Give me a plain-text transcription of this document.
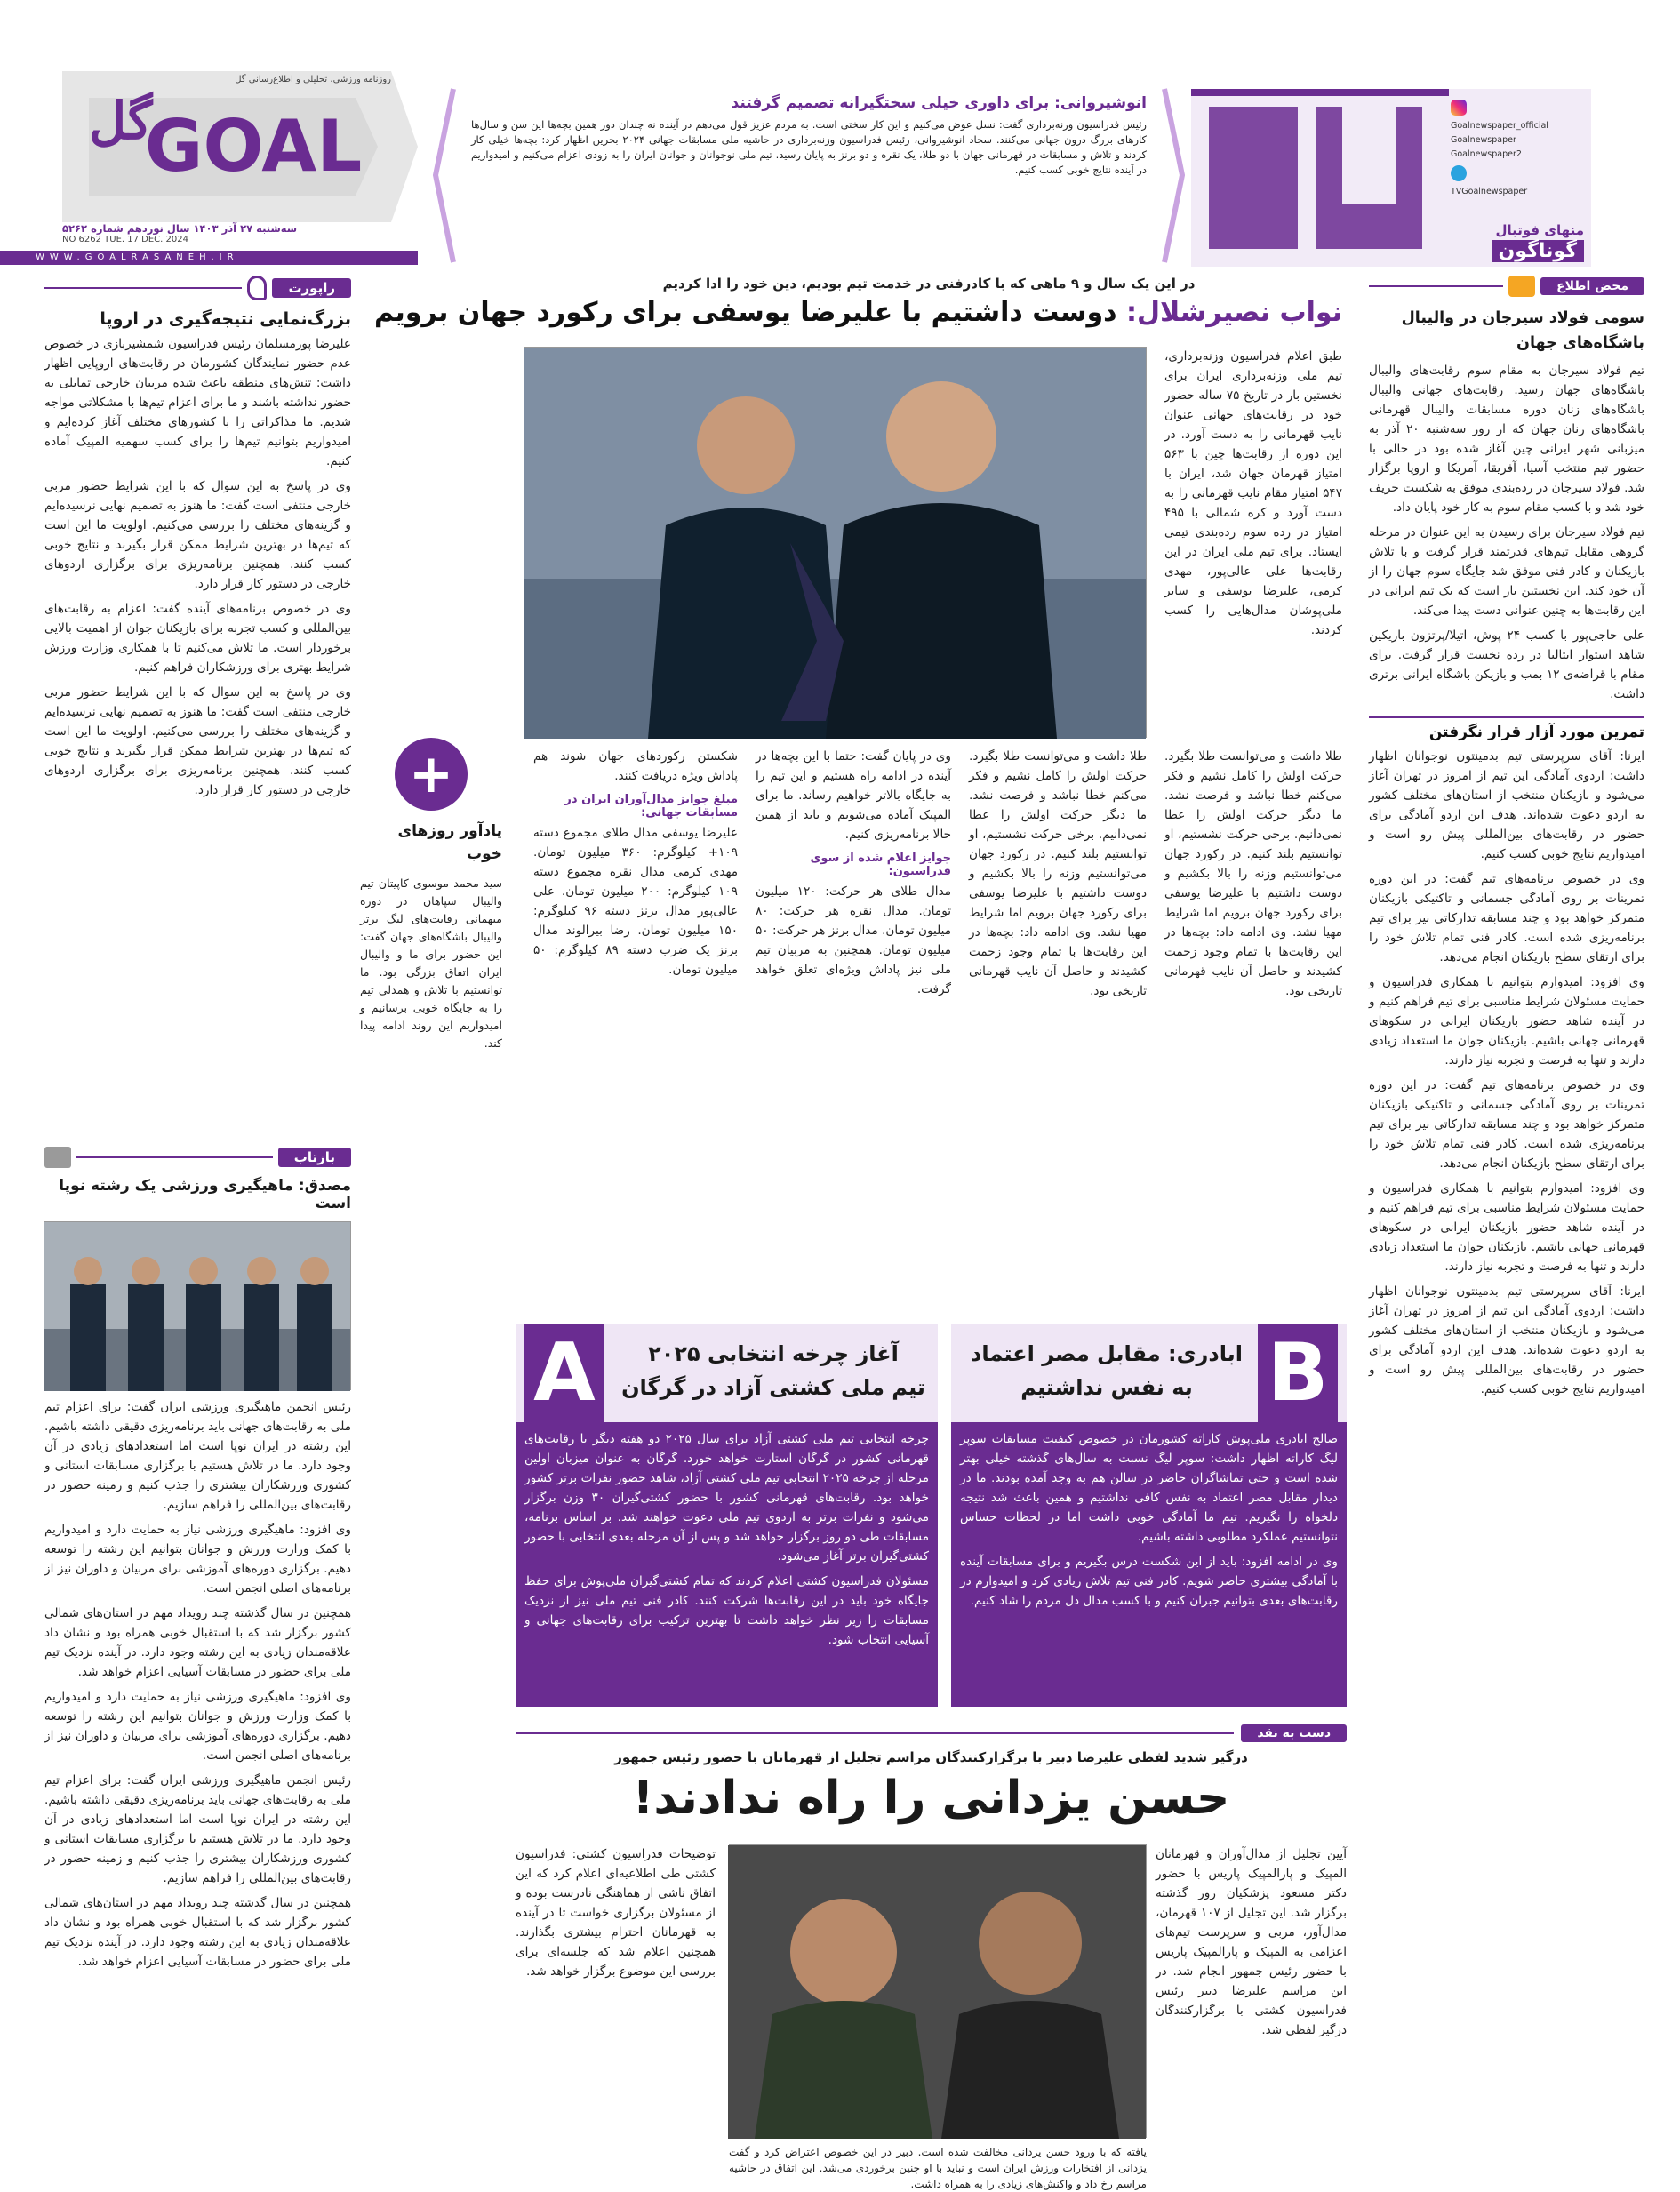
GOAL
گل
روزنامه ورزشی، تحلیلی و اطلاع‌رسانی گل
سه‌شنبه ۲۷ آذر ۱۴۰۳ سال نوزدهم شماره ۵۲۶۲
NO 6262 TUE. 17 DEC. 2024
WWW.GOALRASANEH.IR
انوشیروانی: برای داوری خیلی سختگیرانه تصمیم گرفتند
رئیس فدراسیون وزنه‌برداری گفت: نسل عوض می‌کنیم و این کار سختی است. به مردم عزیز قول می‌دهم در آینده نه چندان دور همین بچه‌ها این سن و سال‌ها کارهای بزرگ درون جهانی می‌کنند. سجاد انوشیروانی، رئیس فدراسیون وزنه‌برداری در حاشیه ملی مسابقات جهانی ۲۰۲۴ بحرین اظهار کرد: بچه‌ها خیلی کار کردند و تلاش و مسابقات در قهرمانی جهان با دو طلا، یک نقره و دو برنز به پایان رسید. تیم ملی نوجوانان و جوانان ایران را به زودی اعزام می‌کنیم و امیدواریم در آینده نتایج خوبی کسب کنیم.
Goalnewspaper_official
Goalnewspaper
Goalnewspaper2
TVGoalnewspaper
منهای فوتبال
گوناگون
محض اطلاع
سومی فولاد سیرجان در والیبال باشگاه‌های جهان

تیم فولاد سیرجان به مقام سوم رقابت‌های والیبال باشگاه‌های جهان رسید. رقابت‌های جهانی والیبال باشگاه‌های زنان دوره مسابقات والیبال قهرمانی باشگاه‌های زنان جهان که از روز سه‌شنبه ۲۰ آذر به میزبانی شهر ایرانی چین آغاز شده بود در حالی با حضور تیم منتخب آسیا، آفریقا، آمریکا و اروپا برگزار شد. فولاد سیرجان در رده‌بندی موفق به شکست حریف خود شد و با کسب مقام سوم به کار خود پایان داد.

تیم فولاد سیرجان برای رسیدن به این عنوان در مرحله گروهی مقابل تیم‌های قدرتمند قرار گرفت و با تلاش بازیکنان و کادر فنی موفق شد جایگاه سوم جهان را از آن خود کند. این نخستین بار است که یک تیم ایرانی در این رقابت‌ها به چنین عنوانی دست پیدا می‌کند.

علی حاجی‌پور با کسب ۲۴ پوش، اتیلا/پرتزون باریکین شاهد استوار ایتالیا در رده نخست قرار گرفت. برای مقام با قراضه‌ی ۱۲ بمب و بازیکن باشگاه ایرانی برتری داشت.

تمرین مورد آزار قرار نگرفتن

ایرنا: آقای سرپرستی تیم بدمینتون نوجوانان اظهار داشت: اردوی آمادگی این تیم از امروز در تهران آغاز می‌شود و بازیکنان منتخب از استان‌های مختلف کشور به اردو دعوت شده‌اند. هدف این اردو آمادگی برای حضور در رقابت‌های بین‌المللی پیش رو است و امیدواریم نتایج خوبی کسب کنیم.

وی در خصوص برنامه‌های تیم گفت: در این دوره تمرینات بر روی آمادگی جسمانی و تاکتیکی بازیکنان متمرکز خواهد بود و چند مسابقه تدارکاتی نیز برای تیم برنامه‌ریزی شده است. کادر فنی تمام تلاش خود را برای ارتقای سطح بازیکنان انجام می‌دهد.

وی افزود: امیدوارم بتوانیم با همکاری فدراسیون و حمایت مسئولان شرایط مناسبی برای تیم فراهم کنیم و در آینده شاهد حضور بازیکنان ایرانی در سکوهای قهرمانی جهانی باشیم. بازیکنان جوان ما استعداد زیادی دارند و تنها به فرصت و تجربه نیاز دارند.

وی در خصوص برنامه‌های تیم گفت: در این دوره تمرینات بر روی آمادگی جسمانی و تاکتیکی بازیکنان متمرکز خواهد بود و چند مسابقه تدارکاتی نیز برای تیم برنامه‌ریزی شده است. کادر فنی تمام تلاش خود را برای ارتقای سطح بازیکنان انجام می‌دهد.

وی افزود: امیدوارم بتوانیم با همکاری فدراسیون و حمایت مسئولان شرایط مناسبی برای تیم فراهم کنیم و در آینده شاهد حضور بازیکنان ایرانی در سکوهای قهرمانی جهانی باشیم. بازیکنان جوان ما استعداد زیادی دارند و تنها به فرصت و تجربه نیاز دارند.

ایرنا: آقای سرپرستی تیم بدمینتون نوجوانان اظهار داشت: اردوی آمادگی این تیم از امروز در تهران آغاز می‌شود و بازیکنان منتخب از استان‌های مختلف کشور به اردو دعوت شده‌اند. هدف این اردو آمادگی برای حضور در رقابت‌های بین‌المللی پیش رو است و امیدواریم نتایج خوبی کسب کنیم.

در این یک سال و ۹ ماهی که با کادرفنی در خدمت تیم بودیم، دین خود را ادا کردیم
نواب نصیرشلال: دوست داشتیم با علیرضا یوسفی برای رکورد جهان برویم
طبق اعلام فدراسیون وزنه‌برداری، تیم ملی وزنه‌برداری ایران برای نخستین بار در تاریخ ۷۵ ساله حضور خود در رقابت‌های جهانی عنوان نایب قهرمانی را به دست آورد. در این دوره از رقابت‌ها چین با ۵۶۳ امتیاز قهرمان جهان شد، ایران با ۵۴۷ امتیاز مقام نایب قهرمانی را به دست آورد و کره شمالی با ۴۹۵ امتیاز در رده سوم رده‌بندی تیمی ایستاد. برای تیم ملی ایران در این رقابت‌ها علی عالی‌پور، مهدی کرمی، علیرضا یوسفی و سایر ملی‌پوشان مدال‌هایی را کسب کردند.
طلا داشت و می‌توانست طلا بگیرد. حرکت اولش را کامل نشیم و فکر می‌کنم خطا نباشد و فرصت نشد. ما دیگر حرکت اولش را عطا نمی‌دانیم. برخی حرکت نشستیم، او توانستیم بلند کنیم. در رکورد جهان می‌توانستیم وزنه را بالا بکشیم و دوست داشتیم با علیرضا یوسفی برای رکورد جهان برویم اما شرایط مهیا نشد. وی ادامه داد: بچه‌ها در این رقابت‌ها با تمام وجود زحمت کشیدند و حاصل آن نایب قهرمانی تاریخی بود.
طلا داشت و می‌توانست طلا بگیرد. حرکت اولش را کامل نشیم و فکر می‌کنم خطا نباشد و فرصت نشد. ما دیگر حرکت اولش را عطا نمی‌دانیم. برخی حرکت نشستیم، او توانستیم بلند کنیم. در رکورد جهان می‌توانستیم وزنه را بالا بکشیم و دوست داشتیم با علیرضا یوسفی برای رکورد جهان برویم اما شرایط مهیا نشد. وی ادامه داد: بچه‌ها در این رقابت‌ها با تمام وجود زحمت کشیدند و حاصل آن نایب قهرمانی تاریخی بود.
وی در پایان گفت: حتما با این بچه‌ها در آینده در ادامه راه هستیم و این تیم را به جایگاه بالاتر خواهیم رساند. ما برای المپیک آماده می‌شویم و باید از همین حالا برنامه‌ریزی کنیم.
جوایز اعلام شده از سوی فدراسیون:
مدال طلای هر حرکت: ۱۲۰ میلیون تومان. مدال نقره هر حرکت: ۸۰ میلیون تومان. مدال برنز هر حرکت: ۵۰ میلیون تومان. همچنین به مربیان تیم ملی نیز پاداش ویژه‌ای تعلق خواهد گرفت.
شکستن رکوردهای جهان شوند هم پاداش ویژه دریافت کنند.
مبلغ جوایز مدال‌آوران ایران در مسابقات جهانی:
علیرضا یوسفی مدال طلای مجموع دسته ۱۰۹+ کیلوگرم: ۳۶۰ میلیون تومان. مهدی کرمی مدال نقره مجموع دسته ۱۰۹ کیلوگرم: ۲۰۰ میلیون تومان. علی عالی‌پور مدال برنز دسته ۹۶ کیلوگرم: ۱۵۰ میلیون تومان. رضا بیرالوند مدال برنز یک ضرب دسته ۸۹ کیلوگرم: ۵۰ میلیون تومان.
+
یادآور روزهای خوب
سید محمد موسوی کاپیتان تیم والیبال سپاهان در دوره میهمانی رقابت‌های لیگ برتر والیبال باشگاه‌های جهان گفت: این حضور برای ما و والیبال ایران اتفاق بزرگی بود. ما توانستیم با تلاش و همدلی تیم را به جایگاه خوبی برسانیم و امیدواریم این روند ادامه پیدا کند.
راپورت
بزرگ‌نمایی نتیجه‌گیری در اروپا

علیرضا پورمسلمان رئیس فدراسیون شمشیربازی در خصوص عدم حضور نمایندگان کشورمان در رقابت‌های اروپایی اظهار داشت: تنش‌های منطقه باعث شده مربیان خارجی تمایلی به حضور نداشته باشند و ما برای اعزام تیم‌ها با مشکلاتی مواجه شدیم. ما مذاکراتی را با کشورهای مختلف آغاز کرده‌ایم و امیدواریم بتوانیم تیم‌ها را برای کسب سهمیه المپیک آماده کنیم.

وی در پاسخ به این سوال که با این شرایط حضور مربی خارجی منتفی است گفت: ما هنوز به تصمیم نهایی نرسیده‌ایم و گزینه‌های مختلف را بررسی می‌کنیم. اولویت ما این است که تیم‌ها در بهترین شرایط ممکن قرار بگیرند و نتایج خوبی کسب کنند. همچنین برنامه‌ریزی برای برگزاری اردوهای خارجی در دستور کار قرار دارد.

وی در خصوص برنامه‌های آینده گفت: اعزام به رقابت‌های بین‌المللی و کسب تجربه برای بازیکنان جوان از اهمیت بالایی برخوردار است. ما تلاش می‌کنیم تا با همکاری وزارت ورزش شرایط بهتری برای ورزشکاران فراهم کنیم.

وی در پاسخ به این سوال که با این شرایط حضور مربی خارجی منتفی است گفت: ما هنوز به تصمیم نهایی نرسیده‌ایم و گزینه‌های مختلف را بررسی می‌کنیم. اولویت ما این است که تیم‌ها در بهترین شرایط ممکن قرار بگیرند و نتایج خوبی کسب کنند. همچنین برنامه‌ریزی برای برگزاری اردوهای خارجی در دستور کار قرار دارد.

بازتاب
مصدق: ماهیگیری ورزشی یک رشته نوپا است

رئیس انجمن ماهیگیری ورزشی ایران گفت: برای اعزام تیم ملی به رقابت‌های جهانی باید برنامه‌ریزی دقیقی داشته باشیم. این رشته در ایران نوپا است اما استعدادهای زیادی در آن وجود دارد. ما در تلاش هستیم با برگزاری مسابقات استانی و کشوری ورزشکاران بیشتری را جذب کنیم و زمینه حضور در رقابت‌های بین‌المللی را فراهم سازیم.

وی افزود: ماهیگیری ورزشی نیاز به حمایت دارد و امیدواریم با کمک وزارت ورزش و جوانان بتوانیم این رشته را توسعه دهیم. برگزاری دوره‌های آموزشی برای مربیان و داوران نیز از برنامه‌های اصلی انجمن است.

همچنین در سال گذشته چند رویداد مهم در استان‌های شمالی کشور برگزار شد که با استقبال خوبی همراه بود و نشان داد علاقه‌مندان زیادی به این رشته وجود دارد. در آینده نزدیک تیم ملی برای حضور در مسابقات آسیایی اعزام خواهد شد.

وی افزود: ماهیگیری ورزشی نیاز به حمایت دارد و امیدواریم با کمک وزارت ورزش و جوانان بتوانیم این رشته را توسعه دهیم. برگزاری دوره‌های آموزشی برای مربیان و داوران نیز از برنامه‌های اصلی انجمن است.

رئیس انجمن ماهیگیری ورزشی ایران گفت: برای اعزام تیم ملی به رقابت‌های جهانی باید برنامه‌ریزی دقیقی داشته باشیم. این رشته در ایران نوپا است اما استعدادهای زیادی در آن وجود دارد. ما در تلاش هستیم با برگزاری مسابقات استانی و کشوری ورزشکاران بیشتری را جذب کنیم و زمینه حضور در رقابت‌های بین‌المللی را فراهم سازیم.

همچنین در سال گذشته چند رویداد مهم در استان‌های شمالی کشور برگزار شد که با استقبال خوبی همراه بود و نشان داد علاقه‌مندان زیادی به این رشته وجود دارد. در آینده نزدیک تیم ملی برای حضور در مسابقات آسیایی اعزام خواهد شد.

B
ابادری: مقابل مصر اعتماد
به نفس نداشتیم

صالح ابادری ملی‌پوش کاراته کشورمان در خصوص کیفیت مسابقات سوپر لیگ کاراته اظهار داشت: سوپر لیگ نسبت به سال‌های گذشته خیلی بهتر شده است و حتی تماشاگران حاضر در سالن هم به وجد آمده بودند. ما در دیدار مقابل مصر اعتماد به نفس کافی نداشتیم و همین باعث شد نتیجه دلخواه را نگیریم. تیم ما آمادگی خوبی داشت اما در لحظات حساس نتوانستیم عملکرد مطلوبی داشته باشیم.

وی در ادامه افزود: باید از این شکست درس بگیریم و برای مسابقات آینده با آمادگی بیشتری حاضر شویم. کادر فنی تیم تلاش زیادی کرد و امیدوارم در رقابت‌های بعدی بتوانیم جبران کنیم و با کسب مدال دل مردم را شاد کنیم.

A	آغاز چرخه انتخابی ۲۰۲۵
تیم ملی کشتی آزاد در گرگان

چرخه انتخابی تیم ملی کشتی آزاد برای سال ۲۰۲۵ دو هفته دیگر با رقابت‌های قهرمانی کشور در گرگان استارت خواهد خورد. گرگان به عنوان میزبان اولین مرحله از چرخه ۲۰۲۵ انتخابی تیم ملی کشتی آزاد، شاهد حضور نفرات برتر کشور خواهد بود. رقابت‌های قهرمانی کشور با حضور کشتی‌گیران ۳۰ وزن برگزار می‌شود و نفرات برتر به اردوی تیم ملی دعوت خواهند شد. بر اساس برنامه، مسابقات طی دو روز برگزار خواهد شد و پس از آن مرحله بعدی انتخابی با حضور کشتی‌گیران برتر آغاز می‌شود.

مسئولان فدراسیون کشتی اعلام کردند که تمام کشتی‌گیران ملی‌پوش برای حفظ جایگاه خود باید در این رقابت‌ها شرکت کنند. کادر فنی تیم ملی نیز از نزدیک مسابقات را زیر نظر خواهد داشت تا بهترین ترکیب برای رقابت‌های جهانی و آسیایی انتخاب شود.

دست به نقد
درگیر شدید لفظی علیرضا دبیر با برگزارکنندگان مراسم تجلیل از قهرمانان با حضور رئیس جمهور
حسن یزدانی را راه ندادند!
آیین تجلیل از مدال‌آوران و قهرمانان المپیک و پارالمپیک پاریس با حضور دکتر مسعود پزشکیان روز گذشته برگزار شد. این تجلیل از ۱۰۷ قهرمان، مدال‌آور، مربی و سرپرست تیم‌های اعزامی به المپیک و پارالمپیک پاریس با حضور رئیس جمهور انجام شد. در این مراسم علیرضا دبیر رئیس فدراسیون کشتی با برگزارکنندگان درگیر لفظی شد.
توضیحات فدراسیون کشتی: فدراسیون کشتی طی اطلاعیه‌ای اعلام کرد که این اتفاق ناشی از هماهنگی نادرست بوده و از مسئولان برگزاری خواست تا در آینده به قهرمانان احترام بیشتری بگذارند. همچنین اعلام شد که جلسه‌ای برای بررسی این موضوع برگزار خواهد شد.
یافته که با ورود حسن یزدانی مخالفت شده است. دبیر در این خصوص اعتراض کرد و گفت یزدانی از افتخارات ورزش ایران است و نباید با او چنین برخوردی می‌شد. این اتفاق در حاشیه مراسم رخ داد و واکنش‌های زیادی را به همراه داشت.
